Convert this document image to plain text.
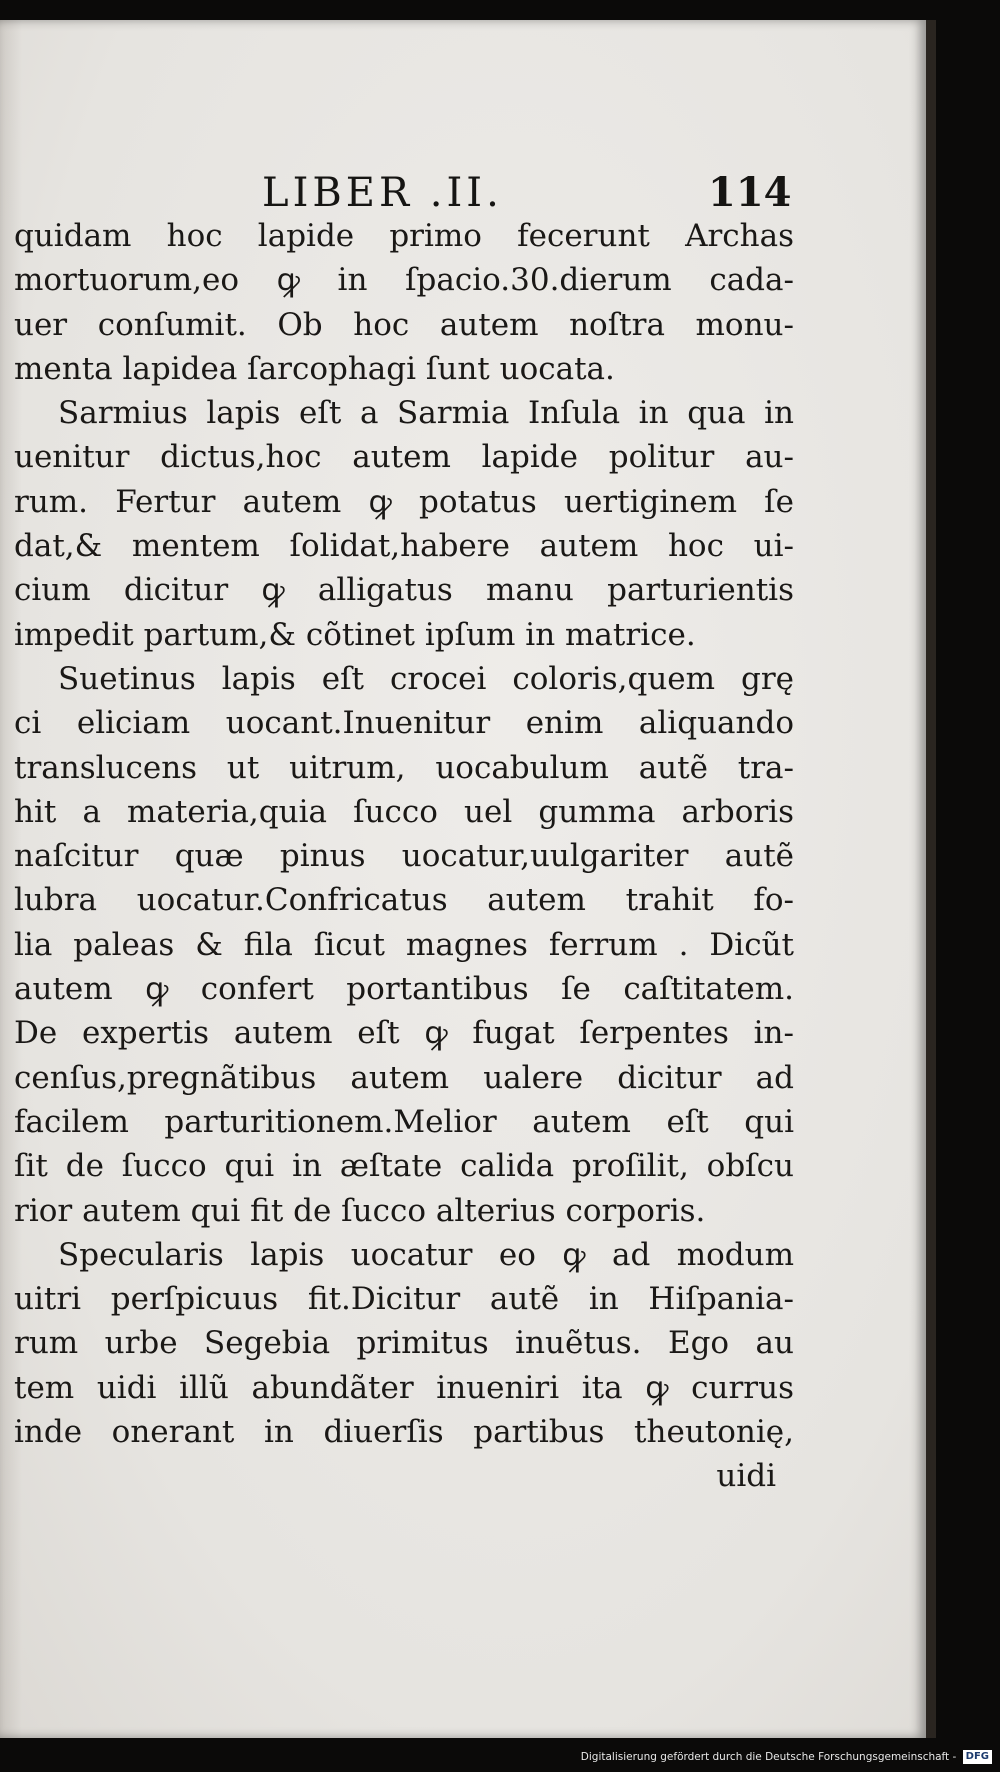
LIBER .II.	114
quidam hoc lapide primo fecerunt Archas
mortuorum,eo ꝙ in ſpacio.30.dierum cada-
uer conſumit. Ob hoc autem noſtra monu-
menta lapidea ſarcophagi ſunt uocata.
Sarmius lapis eſt a Sarmia Inſula in qua in
uenitur dictus,hoc autem lapide politur au-
rum. Fertur autem ꝙ potatus uertiginem ſe
dat,& mentem ſolidat,habere autem hoc ui-
cium dicitur ꝙ alligatus manu parturientis
impedit partum,& cõtinet ipſum in matrice.
Suetinus lapis eſt crocei coloris,quem grę
ci eliciam uocant.Inuenitur enim aliquando
translucens ut uitrum, uocabulum autẽ tra-
hit a materia,quia ſucco uel gumma arboris
naſcitur quæ pinus uocatur,uulgariter autẽ
lubra uocatur.Confricatus autem trahit fo-
lia paleas & fila ſicut magnes ferrum . Dicũt
autem ꝙ confert portantibus ſe caſtitatem.
De expertis autem eſt ꝙ fugat ſerpentes in-
cenſus,pregnãtibus autem ualere dicitur ad
facilem parturitionem.Melior autem eſt qui
ſit de ſucco qui in æſtate calida proſilit, obſcu
rior autem qui fit de ſucco alterius corporis.
Specularis lapis uocatur eo ꝙ ad modum
uitri perſpicuus fit.Dicitur autẽ in Hiſpania-
rum urbe Segebia primitus inuẽtus. Ego au
tem uidi illũ abundãter inueniri ita ꝙ currus
inde onerant in diuerſis partibus theutonię,
uidi
Digitalisierung gefördert durch die Deutsche Forschungsgemeinschaft - DFG
